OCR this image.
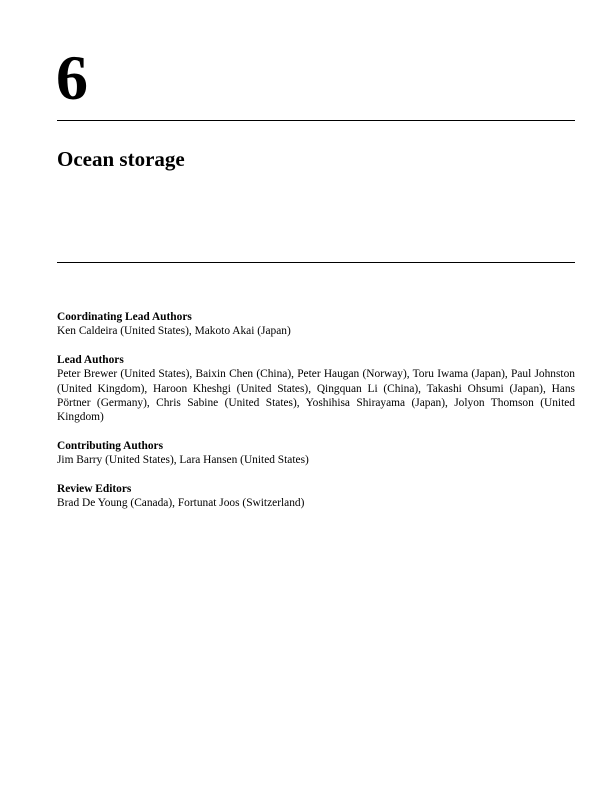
6
Ocean storage

Coordinating Lead Authors

Ken Caldeira (United States), Makoto Akai (Japan)

Lead Authors

Peter Brewer (United States), Baixin Chen (China), Peter Haugan (Norway), Toru Iwama (Japan), Paul Johnston (United Kingdom), Haroon Kheshgi (United States), Qingquan Li (China), Takashi Ohsumi (Japan), Hans Pörtner (Germany), Chris Sabine (United States), Yoshihisa Shirayama (Japan), Jolyon Thomson (United Kingdom)

Contributing Authors

Jim Barry (United States), Lara Hansen (United States)

Review Editors

Brad De Young (Canada), Fortunat Joos (Switzerland)
